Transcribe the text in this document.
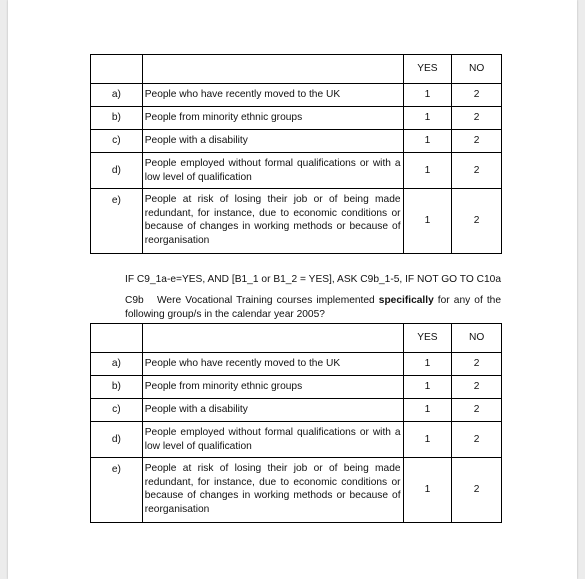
		YES	NO
a)	People who have recently moved to the UK	1	2
b)	People from minority ethnic groups	1	2
c)	People with a disability	1	2
d)	People employed without formal qualifications or with a low level of qualification	1	2
e)	People at risk of losing their job or of being made redundant, for instance, due to economic conditions or because of changes in working methods or because of reorganisation	1	2
IF C9_1a-e=YES, AND [B1_1 or B1_2 = YES], ASK C9b_1-5, IF NOT GO TO C10a
C9b Were Vocational Training courses implemented specifically for any of the following group/s in the calendar year 2005?
		YES	NO
a)	People who have recently moved to the UK	1	2
b)	People from minority ethnic groups	1	2
c)	People with a disability	1	2
d)	People employed without formal qualifications or with a low level of qualification	1	2
e)	People at risk of losing their job or of being made redundant, for instance, due to economic conditions or because of changes in working methods or because of reorganisation	1	2
